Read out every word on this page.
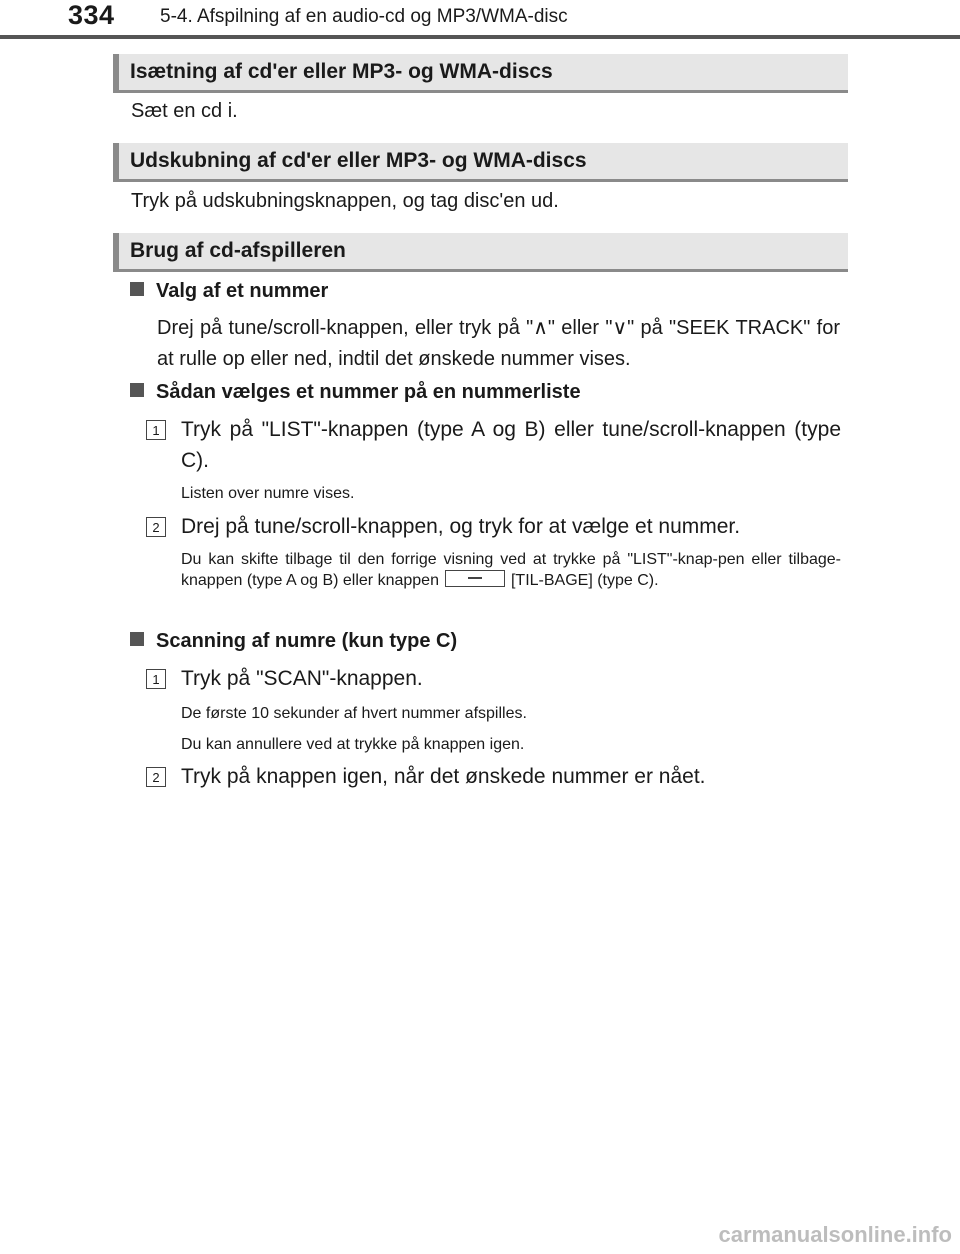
334 5-4. Afspilning af en audio-cd og MP3/WMA-disc
Isætning af cd'er eller MP3- og WMA-discs
Sæt en cd i.
Udskubning af cd'er eller MP3- og WMA-discs
Tryk på udskubningsknappen, og tag disc'en ud.
Brug af cd-afspilleren
Valg af et nummer
Drej på tune/scroll-knappen, eller tryk på "∧" eller "∨" på "SEEK TRACK" for at rulle op eller ned, indtil det ønskede nummer vises.
Sådan vælges et nummer på en nummerliste
1	Tryk på "LIST"-knappen (type A og B) eller tune/scroll-knappen (type C).
Listen over numre vises.
2	Drej på tune/scroll-knappen, og tryk for at vælge et nummer.
Du kan skifte tilbage til den forrige visning ved at trykke på "LIST"-knap-pen eller tilbage-knappen (type A og B) eller knappen	[TIL-BAGE] (type C).
Scanning af numre (kun type C)
1	Tryk på "SCAN"-knappen.
De første 10 sekunder af hvert nummer afspilles.
Du kan annullere ved at trykke på knappen igen.
2	Tryk på knappen igen, når det ønskede nummer er nået.
carmanualsonline.info
